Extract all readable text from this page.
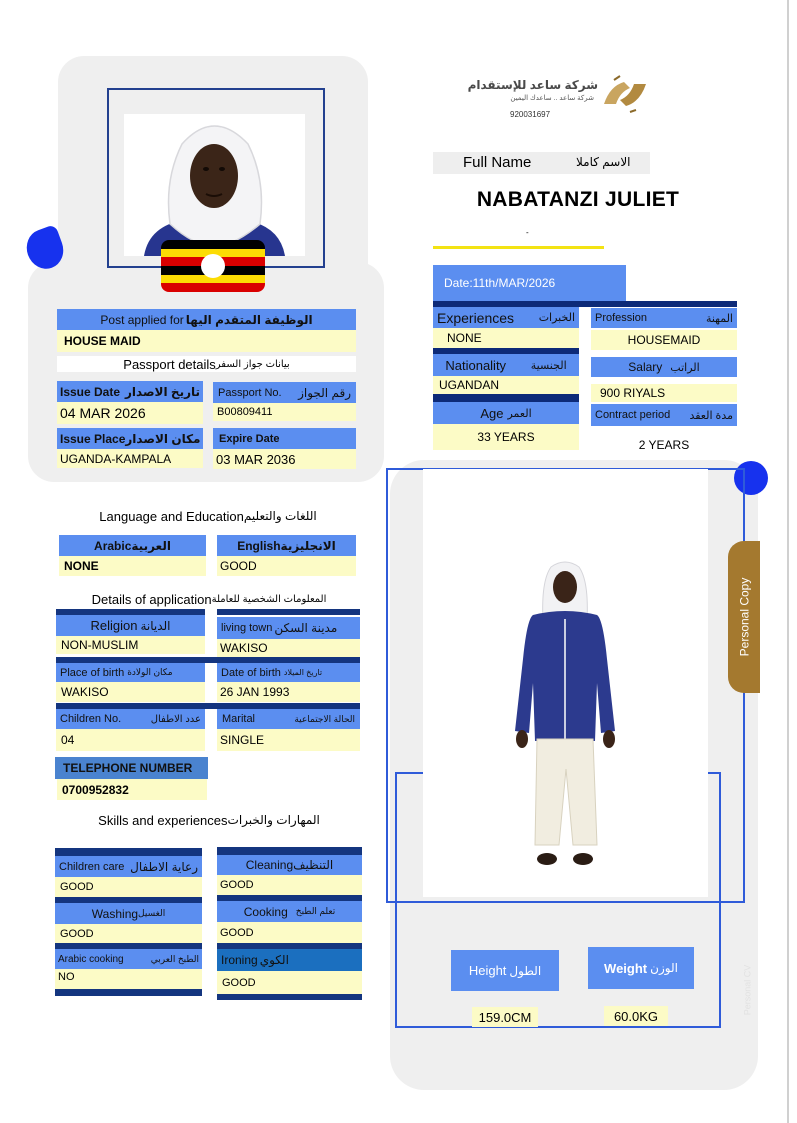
شركة ساعد للإستقدام
شركة ساعد .. ساعدك اليمين
920031697
Full Name	الاسم كاملا
NABATANZI JULIET
-
Date:11th/MAR/2026
Experiences الخبرات
NONE
Profession	المهنة
HOUSEMAID
Nationality الجنسية
UGANDAN
Salary الراتب
900 RIYALS
Age العمر
33 YEARS
Contract period مدة العقد
2 YEARS
Post applied for الوظيفة المتقدم اليها
HOUSE MAID
Passport details بيانات جواز السفر
Issue Date تاريخ الاصدار
04 MAR 2026
Passport No. رقم الجواز
B00809411
Issue Place مكان الاصدار
UGANDA-KAMPALA
Expire Date
03 MAR 2036
Language and Education اللغات والتعليم
Arabic العربية
NONE
English الانجليزية
GOOD
Details of application المعلومات الشخصية للعاملة
Religion الديانة
NON-MUSLIM
living town مدينة السكن
WAKISO
Place of birth مكان الولادة
WAKISO
Date of birth تاريخ الميلاد
26 JAN 1993
Children No.	عدد الاطفال
04
Marital	الحالة الاجتماعية
SINGLE
TELEPHONE NUMBER
0700952832
Skills and experiences المهارات والخبرات
Children care رعاية الاطفال
GOOD
Cleaning التنظيف
GOOD
Washing الغسيل
GOOD
Cooking تعلم الطبخ
GOOD
Arabic cooking	الطبخ العربي
NO
Ironing الكوي
GOOD
Personal Copy
Personal CV
Height الطول
159.0CM
Weight الوزن
60.0KG
